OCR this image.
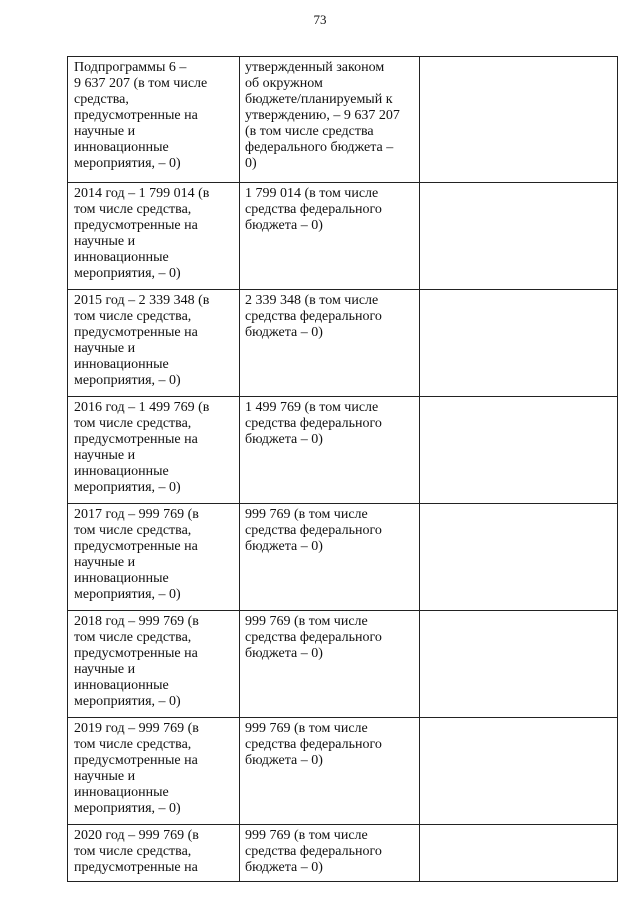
73
Подпрограммы 6 –
9 637 207 (в том числе
средства,
предусмотренные на
научные и
инновационные
мероприятия, – 0)
утвержденный законом
об окружном
бюджете/планируемый к
утверждению, – 9 637 207
(в том числе средства
федерального бюджета –
0)
2014 год – 1 799 014 (в
том числе средства,
предусмотренные на
научные и
инновационные
мероприятия, – 0)
1 799 014 (в том числе
средства федерального
бюджета – 0)
2015 год – 2 339 348 (в
том числе средства,
предусмотренные на
научные и
инновационные
мероприятия, – 0)
2 339 348 (в том числе
средства федерального
бюджета – 0)
2016 год – 1 499 769 (в
том числе средства,
предусмотренные на
научные и
инновационные
мероприятия, – 0)
1 499 769 (в том числе
средства федерального
бюджета – 0)
2017 год – 999 769 (в
том числе средства,
предусмотренные на
научные и
инновационные
мероприятия, – 0)
999 769 (в том числе
средства федерального
бюджета – 0)
2018 год – 999 769 (в
том числе средства,
предусмотренные на
научные и
инновационные
мероприятия, – 0)
999 769 (в том числе
средства федерального
бюджета – 0)
2019 год – 999 769 (в
том числе средства,
предусмотренные на
научные и
инновационные
мероприятия, – 0)
999 769 (в том числе
средства федерального
бюджета – 0)
2020 год – 999 769 (в
том числе средства,
предусмотренные на
999 769 (в том числе
средства федерального
бюджета – 0)
